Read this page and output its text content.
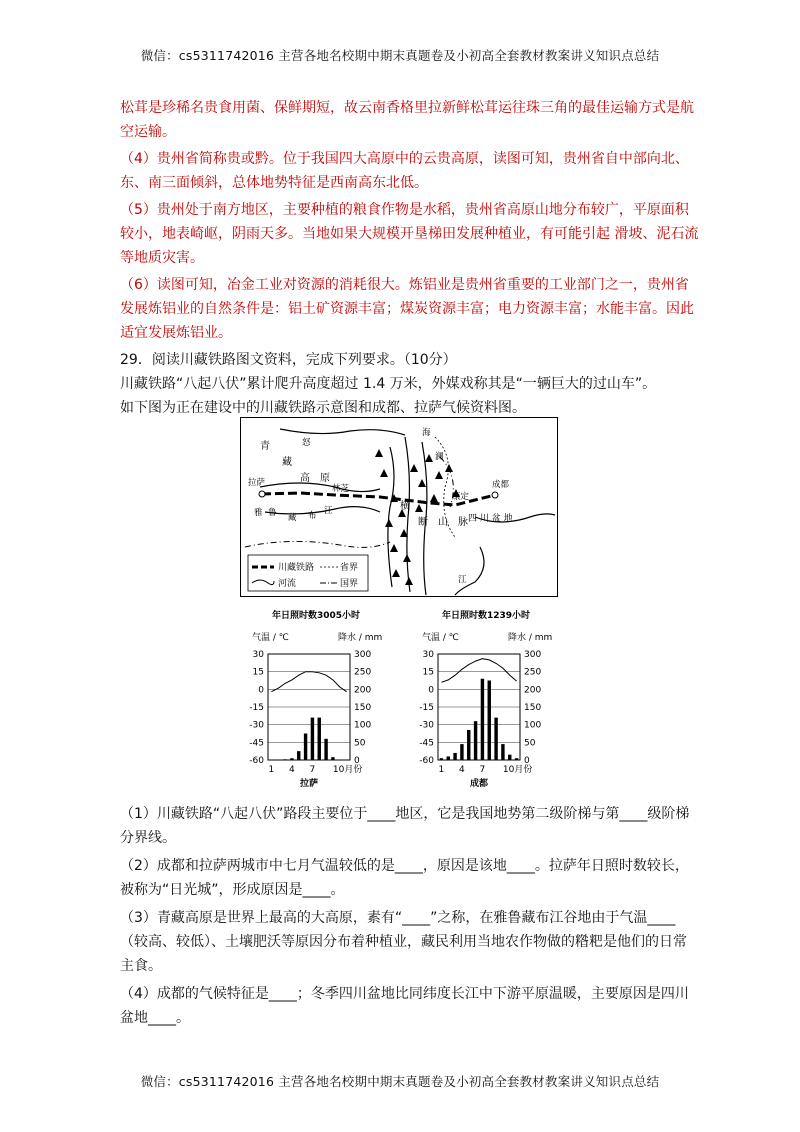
微信：cs5311742016 主营各地名校期中期末真题卷及小初高全套教材教案讲义知识点总结

松茸是珍稀名贵食用菌、保鲜期短，故云南香格里拉新鲜松茸运往珠三角的最佳运输方式是航空运输。

（4）贵州省简称贵或黔。位于我国四大高原中的云贵高原，读图可知，贵州省自中部向北、东、南三面倾斜，总体地势特征是西南高东北低。

（5）贵州处于南方地区，主要种植的粮食作物是水稻，贵州省高原山地分布较广，平原面积较小，地表崎岖，阴雨天多。当地如果大规模开垦梯田发展种植业，有可能引起 滑坡、泥石流等地质灾害。

（6）读图可知，冶金工业对资源的消耗很大。炼铝业是贵州省重要的工业部门之一，贵州省发展炼铝业的自然条件是：铝土矿资源丰富；煤炭资源丰富；电力资源丰富；水能丰富。因此适宜发展炼铝业。

29．阅读川藏铁路图文资料，完成下列要求。（10分）

川藏铁路“八起八伏”累计爬升高度超过 1.4 万米，外媒戏称其是“一辆巨大的过山车”。

如下图为正在建设中的川藏铁路示意图和成都、拉萨气候资料图。

青
藏
高 原
拉萨
林芝
雅 鲁 藏 布 江	横
断 山 脉 四 川 盆 地
成都
康定
江
海
怒
澜
川藏铁路	省界
河流	国界
年日照时数3005小时
气温 / ℃	降水 / mm
30	300
15	250
0	200
-15	150
-30	100
-45	50
-60	0
1 4 7 10月份
拉萨
年日照时数1239小时
气温 / ℃	降水 / mm
30	300
15	250
0	200
-15	150
-30	100
-45	50
-60	0
1 4 7 10月份
成都

（1）川藏铁路“八起八伏”路段主要位于____地区，它是我国地势第二级阶梯与第____级阶梯分界线。

（2）成都和拉萨两城市中七月气温较低的是____，原因是该地____。拉萨年日照时数较长，被称为“日光城”，形成原因是____。

（3）青藏高原是世界上最高的大高原，素有“____”之称，在雅鲁藏布江谷地由于气温____（较高、较低）、土壤肥沃等原因分布着种植业，藏民利用当地农作物做的糌粑是他们的日常主食。

（4）成都的气候特征是____；冬季四川盆地比同纬度长江中下游平原温暖，主要原因是四川盆地____。

微信：cs5311742016 主营各地名校期中期末真题卷及小初高全套教材教案讲义知识点总结
